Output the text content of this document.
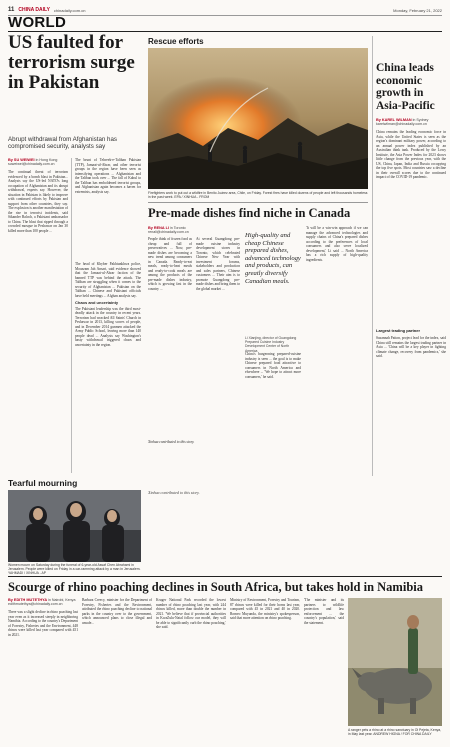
11 CHINA DAILY chinadaily.com.cn	Monday, February 21, 2022
WORLD
US faulted for terrorism surge in Pakistan
Abrupt withdrawal from Afghanistan has compromised security, analysts say
By SU WEIWEI in Hong Kong
suweiwei@chinadaily.com.cn
The continual threat of terrorism evidenced by a bomb blast in Pakistan... Analysts say the US-led NATO's long occupation of Afghanistan and its abrupt withdrawal, experts say. However, the situation in Pakistan is likely to improve with continued efforts by Pakistan and support from other countries, they say. The explosion is another manifestation of the rise in terrorist incidents, said Sikander Baloch, a Pakistani ambassador to China. The blast that ripped through a crowded mosque in Peshawar on Jan 30 killed more than 100 people ...
The brunt of Tehreek-e-Taliban Pakistan (TTP), Jamaat-ul-Ahrar, and other terrorist groups in the region have been seen as intensifying operations ... Afghanistan and the Taliban took over ... The fall of Kabul to the Taliban has emboldened terrorist groups, and Afghanistan again becomes a haven for extremists, analysts say.
The head of Khyber Pakhtunkhwa police, Moazzam Jah Ansari, said evidence showed that the Jamaat-ul-Ahrar faction of the banned TTP was behind the attack. The Taliban are struggling when it comes to the security of Afghanistan ... Pakistan on the Taliban ... Chinese and Pakistani officials have held meetings ... Afghan analysts say.
Chaos and uncertainty
The Pakistani leadership was the third most-deadly attack in the country in recent years. Terrorism had wracked All Saints' Church in Peshawar in 2013, killing scores of people, and in December 2014 gunmen attacked the Army Public School, leaving more than 140 people dead ... Analysts say Washington's hasty withdrawal triggered chaos and uncertainty in the region.
Xinhua contributed to this story.
Rescue efforts
Firefighters work to put out a wildfire in Benito Juárez area, Chile, on Friday. Forest fires have killed dozens of people and left thousands homeless in the past week. EPA / XINHUA - FROM
Pre-made dishes find niche in Canada
By RENA LI in Toronto
renali@chinadaily.com.cn
People think of frozen food as cheap and full of preservatives ... Now, pre-made dishes are becoming a new trend among consumers in Canada. Ready-to-eat meals, ready-to-heat meals and ready-to-cook meals are among the products of the pre-made dishes industry, which is growing fast in the country ...
At several Guangdong pre-made cuisine industry development stores in Toronto, which celebrated Chinese New Year with investment forums, stakeholders and production and sales partners, Chinese customers ... Their aim is to promote Guangdong pre-made dishes and bring them to the global market ...
High-quality and cheap Chinese prepared dishes, advanced technology and products, can greatly diversify Canadian meals.
Li Xianjing, director of Guangdong Prepared Cuisine Industry Development Center of North America
China's burgeoning prepared-cuisine industry is seen ... the goal is to make Chinese prepared food attractive to consumers in North America and elsewhere ... 'We hope to attract more consumers,' he said.
'It will be a win-win approach if we can manage the advanced technologies and supply chains of China's prepared dishes according to the preferences of local consumers and also serve localized development,' Li said ... North America has a rich supply of high-quality ingredients.
China leads economic growth in Asia-Pacific
By KAREL WILMAN in Sydney
karelwilman@chinadaily.com.cn
China remains the leading economic force in Asia, while the United States is seen as the region's dominant military power, according to an annual power index published by an Australian think tank. Produced by the Lowy Institute, the Asia Power Index for 2023 shows little change from the previous year, with the US, China, Japan, India and Russia occupying the top five spots. Most countries saw a decline in their overall scores due to the continued impact of the COVID-19 pandemic.
Largest trading partner
Susannah Patton, project lead for the index, said China still remains the largest trading partner in Asia ... 'China will be a key player in fighting climate change, recovery from pandemics,' she said.
Tearful mourning
Women mourn on Saturday during the funeral of 6-year-old Assaf Chen Abrahami in Jerusalem. People were killed on Friday in a car-ramming attack by a man in Jerusalem. YAHMADI / XINHUA - AP
Xinhua contributed to this story.
Scourge of rhino poaching declines in South Africa, but takes hold in Namibia
By EDITH MUTETHYA in Nairobi, Kenya
edithmutethya@chinadaily.com.cn
There was a slight decline in rhino poaching last year even as it increased steeply in neighboring Namibia. According to the country's Department of Forestry, Fisheries and the Environment, 448 rhinos were killed last year compared with 451 in 2021.
Barbara Creecy, minister for the Department of Forestry, Fisheries and the Environment, attributed the rhino poaching decline to national parks in the country over to the government, which announced plans to close illegal and unsafe...
Kruger National Park recorded the lowest number of rhino poaching last year, with 244 rhinos killed, more than double the number in 2021. 'We believe that if provincial authorities in KwaZulu-Natal follow our model, they will be able to significantly curb the rhino poaching,' she said.
Ministry of Environment, Forestry and Tourism, 87 rhinos were killed for their horns last year, compared with 45 in 2021 and 40 in 2020. Romeo Muyunda, the ministry's spokesperson, said that more attention on rhino poaching.
'The minister and its partners to wildlife protection and law enforcement ... the country's population,' said the statement.
A ranger pets a rhino at a rhino sanctuary in Ol Pejeta, Kenya, in May last year. ANDREW HIGNA / FOR CHINA DAILY
